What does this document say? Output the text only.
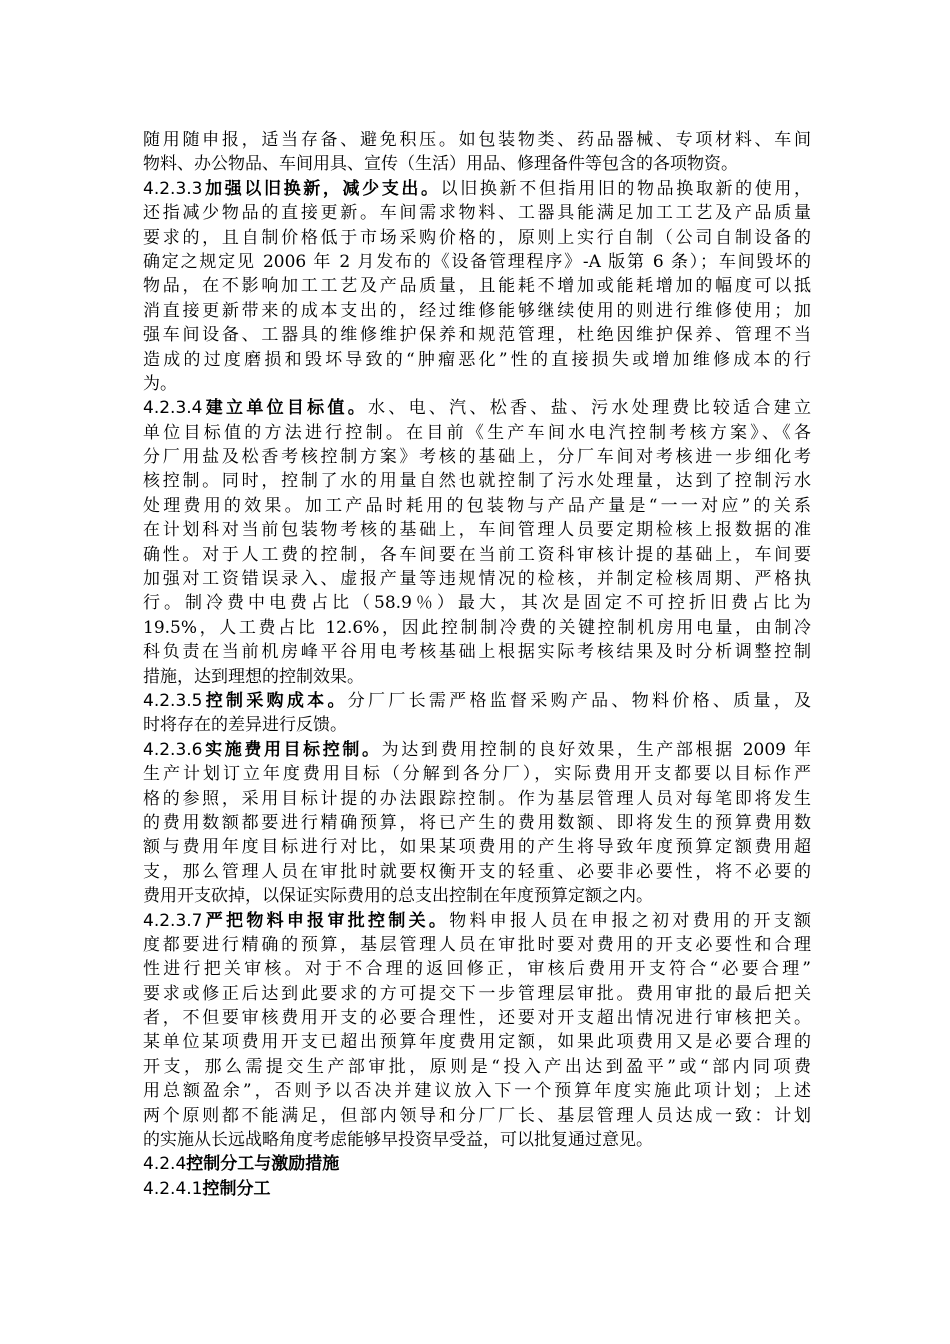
随用随申报，适当存备、避免积压。如包装物类、药品器械、专项材料、车间
物料、办公物品、车间用具、宣传（生活）用品、修理备件等包含的各项物资。
4.2.3.3加强以旧换新，减少支出。以旧换新不但指用旧的物品换取新的使用，
还指减少物品的直接更新。车间需求物料、工器具能满足加工工艺及产品质量
要求的，且自制价格低于市场采购价格的，原则上实行自制（公司自制设备的
确定之规定见 2006 年 2 月发布的《设备管理程序》-A 版第 6 条）；车间毁坏的
物品，在不影响加工工艺及产品质量，且能耗不增加或能耗增加的幅度可以抵
消直接更新带来的成本支出的，经过维修能够继续使用的则进行维修使用；加
强车间设备、工器具的维修维护保养和规范管理，杜绝因维护保养、管理不当
造成的过度磨损和毁坏导致的“肿瘤恶化”性的直接损失或增加维修成本的行
为。
4.2.3.4建立单位目标值。水、电、汽、松香、盐、污水处理费比较适合建立
单位目标值的方法进行控制。在目前《生产车间水电汽控制考核方案》、《各
分厂用盐及松香考核控制方案》考核的基础上，分厂车间对考核进一步细化考
核控制。同时，控制了水的用量自然也就控制了污水处理量，达到了控制污水
处理费用的效果。加工产品时耗用的包装物与产品产量是“一一对应”的关系
在计划科对当前包装物考核的基础上，车间管理人员要定期检核上报数据的准
确性。对于人工费的控制，各车间要在当前工资科审核计提的基础上，车间要
加强对工资错误录入、虚报产量等违规情况的检核，并制定检核周期、严格执
行。制冷费中电费占比（58.9％）最大，其次是固定不可控折旧费占比为
19.5%，人工费占比 12.6%，因此控制制冷费的关键控制机房用电量，由制冷
科负责在当前机房峰平谷用电考核基础上根据实际考核结果及时分析调整控制
措施，达到理想的控制效果。
4.2.3.5控制采购成本。分厂厂长需严格监督采购产品、物料价格、质量，及
时将存在的差异进行反馈。
4.2.3.6实施费用目标控制。为达到费用控制的良好效果，生产部根据 2009 年
生产计划订立年度费用目标（分解到各分厂），实际费用开支都要以目标作严
格的参照，采用目标计提的办法跟踪控制。作为基层管理人员对每笔即将发生
的费用数额都要进行精确预算，将已产生的费用数额、即将发生的预算费用数
额与费用年度目标进行对比，如果某项费用的产生将导致年度预算定额费用超
支，那么管理人员在审批时就要权衡开支的轻重、必要非必要性，将不必要的
费用开支砍掉，以保证实际费用的总支出控制在年度预算定额之内。
4.2.3.7严把物料申报审批控制关。物料申报人员在申报之初对费用的开支额
度都要进行精确的预算，基层管理人员在审批时要对费用的开支必要性和合理
性进行把关审核。对于不合理的返回修正，审核后费用开支符合“必要合理”
要求或修正后达到此要求的方可提交下一步管理层审批。费用审批的最后把关
者，不但要审核费用开支的必要合理性，还要对开支超出情况进行审核把关。
某单位某项费用开支已超出预算年度费用定额，如果此项费用又是必要合理的
开支，那么需提交生产部审批，原则是“投入产出达到盈平”或“部内同项费
用总额盈余”，否则予以否决并建议放入下一个预算年度实施此项计划；上述
两个原则都不能满足，但部内领导和分厂厂长、基层管理人员达成一致：计划
的实施从长远战略角度考虑能够早投资早受益，可以批复通过意见。
4.2.4控制分工与激励措施
4.2.4.1控制分工
